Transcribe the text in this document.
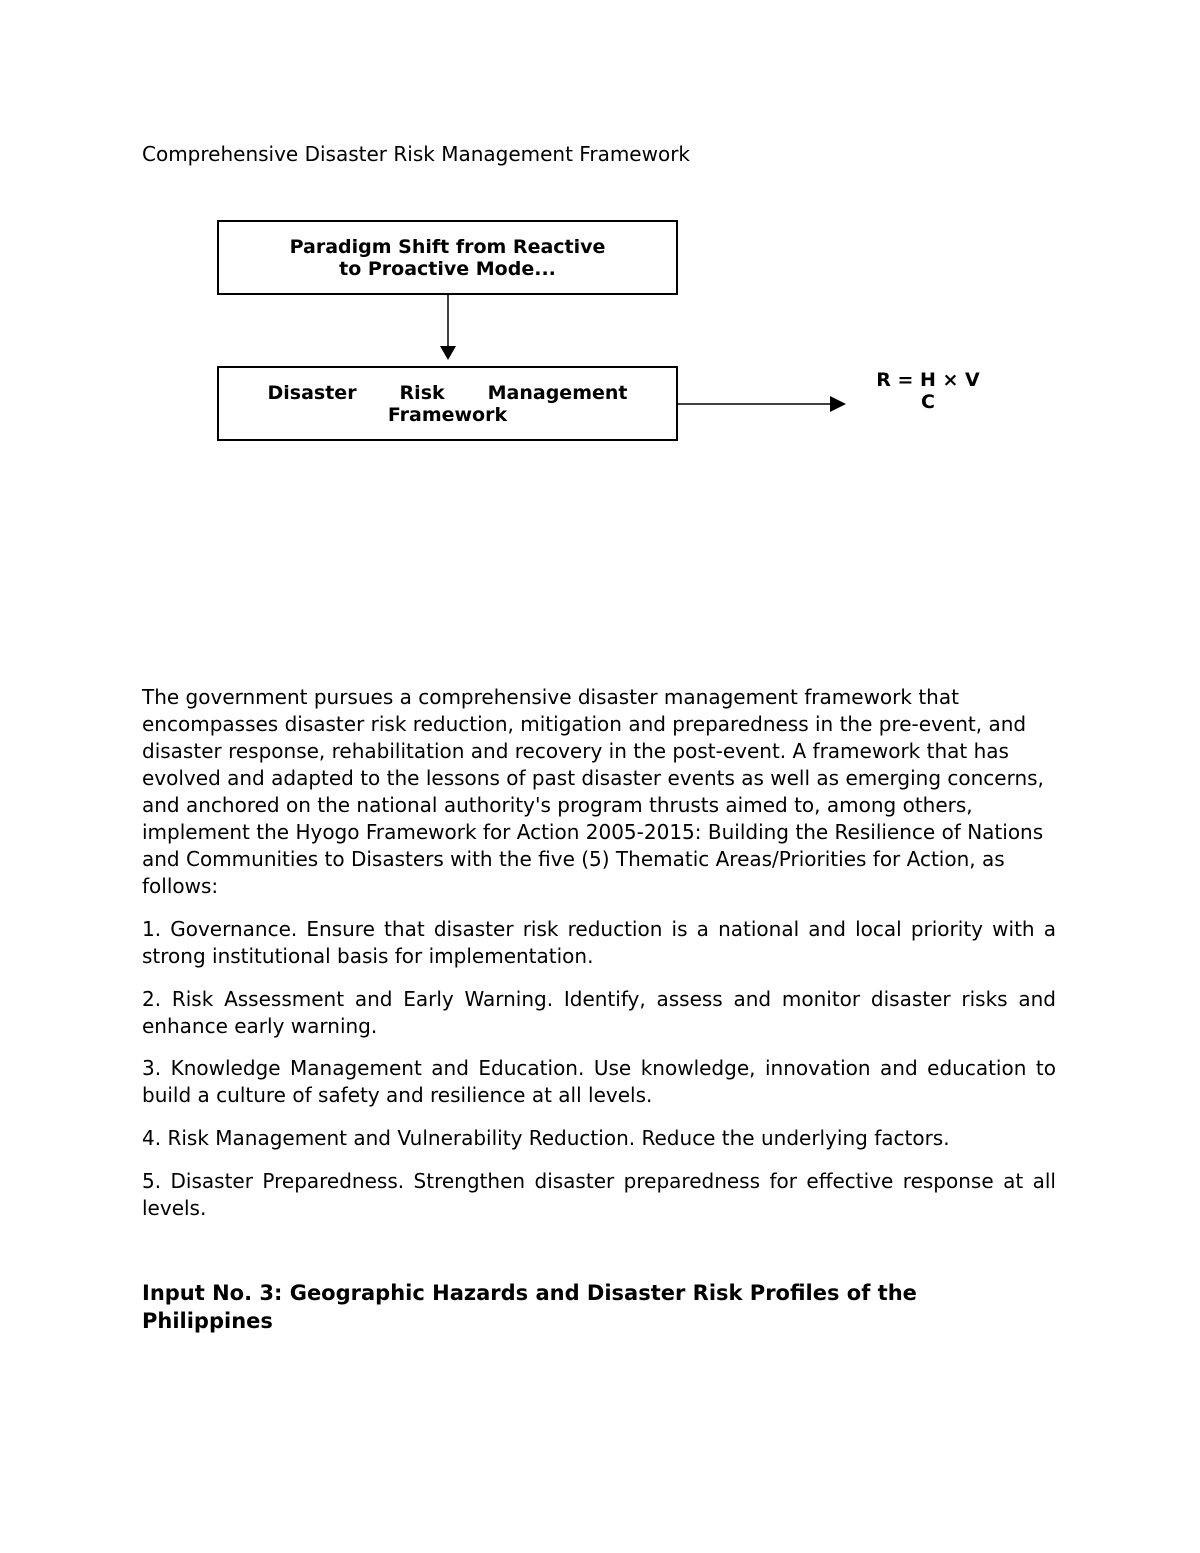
Comprehensive Disaster Risk Management Framework
Paradigm Shift from Reactive
to Proactive Mode...
Disaster Risk Management
Framework
R = H × V
C

The government pursues a comprehensive disaster management framework that encompasses disaster risk reduction, mitigation and preparedness in the pre-event, and disaster response, rehabilitation and recovery in the post-event. A framework that has evolved and adapted to the lessons of past disaster events as well as emerging concerns, and anchored on the national authority's program thrusts aimed to, among others, implement the Hyogo Framework for Action 2005-2015: Building the Resilience of Nations and Communities to Disasters with the five (5) Thematic Areas/Priorities for Action, as follows:

1. Governance. Ensure that disaster risk reduction is a national and local priority with a strong institutional basis for implementation.

2. Risk Assessment and Early Warning. Identify, assess and monitor disaster risks and enhance early warning.

3. Knowledge Management and Education. Use knowledge, innovation and education to build a culture of safety and resilience at all levels.

4. Risk Management and Vulnerability Reduction. Reduce the underlying factors.

5. Disaster Preparedness. Strengthen disaster preparedness for effective response at all levels.

Input No. 3: Geographic Hazards and Disaster Risk Profiles of the Philippines
